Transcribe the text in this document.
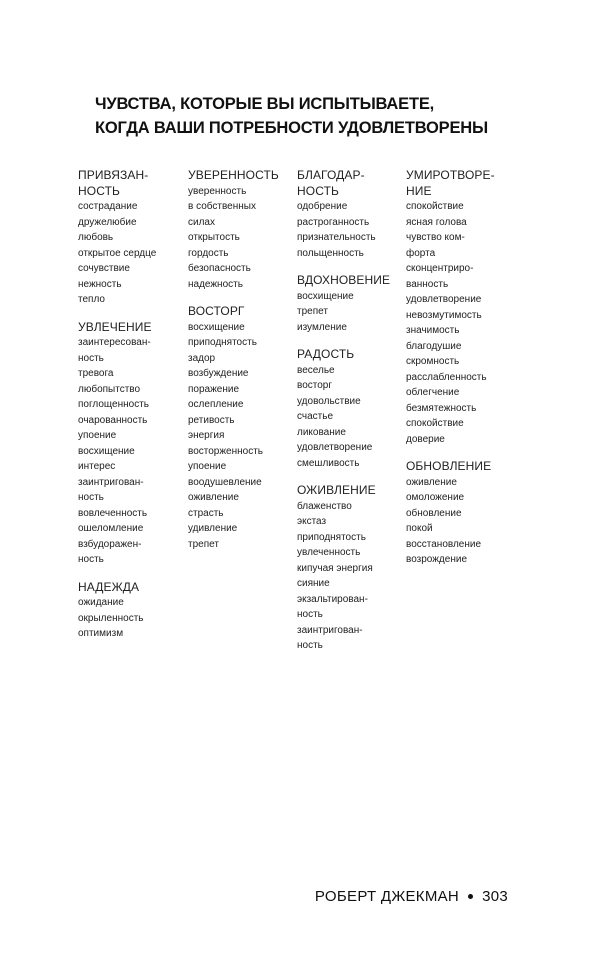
ЧУВСТВА, КОТОРЫЕ ВЫ ИСПЫТЫВАЕТЕ,
КОГДА ВАШИ ПОТРЕБНОСТИ УДОВЛЕТВОРЕНЫ
ПРИВЯЗАН-
НОСТЬ
сострадание
дружелюбие
любовь
открытое сердце
сочувствие
нежность
тепло
УВЛЕЧЕНИЕ
заинтересован-
ность
тревога
любопытство
поглощенность
очарованность
упоение
восхищение
интерес
заинтригован-
ность
вовлеченность
ошеломление
взбудоражен-
ность
НАДЕЖДА
ожидание
окрыленность
оптимизм
УВЕРЕННОСТЬ
уверенность
в собственных
силах
открытость
гордость
безопасность
надежность
ВОСТОРГ
восхищение
приподнятость
задор
возбуждение
поражение
ослепление
ретивость
энергия
восторженность
упоение
воодушевление
оживление
страсть
удивление
трепет
БЛАГОДАР-
НОСТЬ
одобрение
растроганность
признательность
польщенность
ВДОХНОВЕНИЕ
восхищение
трепет
изумление
РАДОСТЬ
веселье
восторг
удовольствие
счастье
ликование
удовлетворение
смешливость
ОЖИВЛЕНИЕ
блаженство
экстаз
приподнятость
увлеченность
кипучая энергия
сияние
экзальтирован-
ность
заинтригован-
ность
УМИРОТВОРЕ-
НИЕ
спокойствие
ясная голова
чувство ком-
форта
сконцентриро-
ванность
удовлетворение
невозмутимость
значимость
благодушие
скромность
расслабленность
облегчение
безмятежность
спокойствие
доверие
ОБНОВЛЕНИЕ
оживление
омоложение
обновление
покой
восстановление
возрождение
РОБЕРТ ДЖЕКМАН 303
